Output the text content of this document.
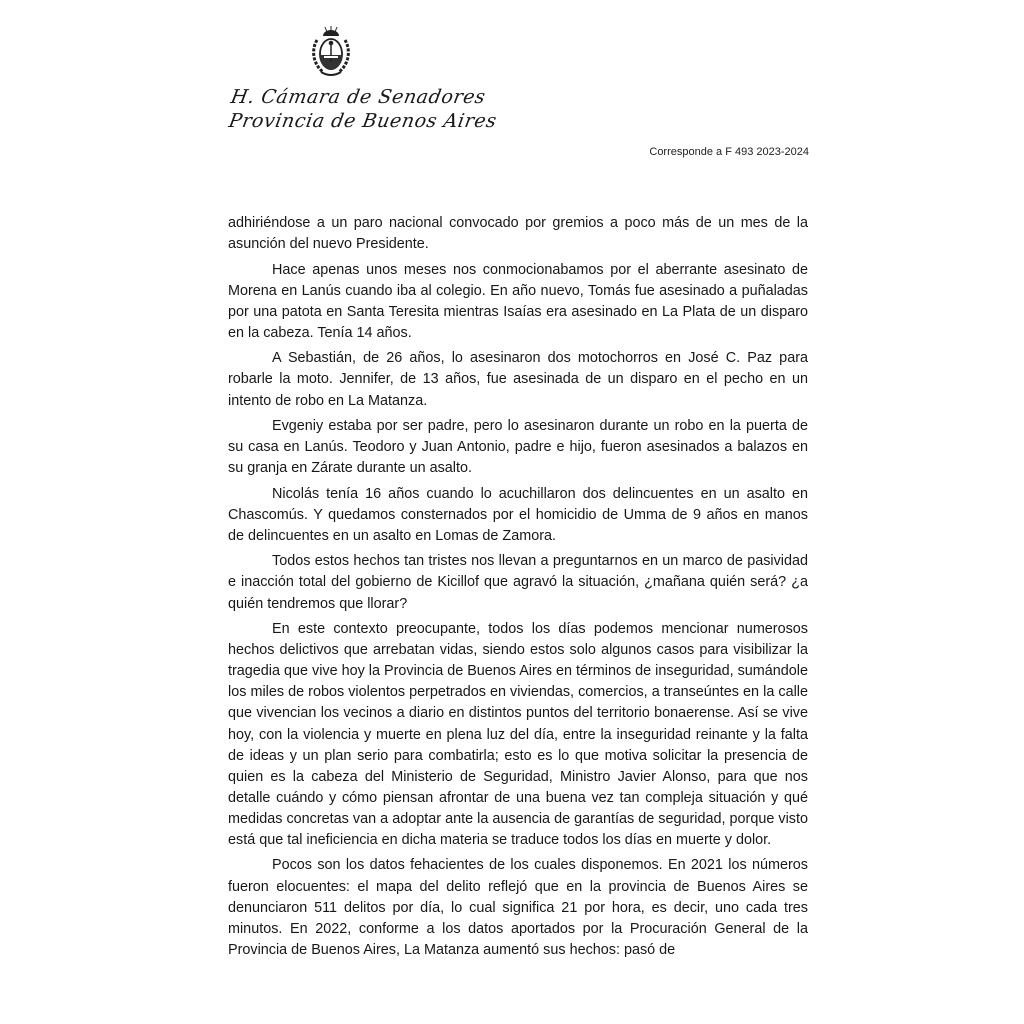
H. Cámara de Senadores
Provincia de Buenos Aires
Corresponde a F 493 2023-2024

adhiriéndose a un paro nacional convocado por gremios a poco más de un mes de la asunción del nuevo Presidente.

Hace apenas unos meses nos conmocionabamos por el aberrante asesinato de Morena en Lanús cuando iba al colegio. En año nuevo, Tomás fue asesinado a puñaladas por una patota en Santa Teresita mientras Isaías era asesinado en La Plata de un disparo en la cabeza. Tenía 14 años.

A Sebastián, de 26 años, lo asesinaron dos motochorros en José C. Paz para robarle la moto. Jennifer, de 13 años, fue asesinada de un disparo en el pecho en un intento de robo en La Matanza.

Evgeniy estaba por ser padre, pero lo asesinaron durante un robo en la puerta de su casa en Lanús. Teodoro y Juan Antonio, padre e hijo, fueron asesinados a balazos en su granja en Zárate durante un asalto.

Nicolás tenía 16 años cuando lo acuchillaron dos delincuentes en un asalto en Chascomús. Y quedamos consternados por el homicidio de Umma de 9 años en manos de delincuentes en un asalto en Lomas de Zamora.

Todos estos hechos tan tristes nos llevan a preguntarnos en un marco de pasividad e inacción total del gobierno de Kicillof que agravó la situación, ¿mañana quién será? ¿a quién tendremos que llorar?

En este contexto preocupante, todos los días podemos mencionar numerosos hechos delictivos que arrebatan vidas, siendo estos solo algunos casos para visibilizar la tragedia que vive hoy la Provincia de Buenos Aires en términos de inseguridad, sumándole los miles de robos violentos perpetrados en viviendas, comercios, a transeúntes en la calle que vivencian los vecinos a diario en distintos puntos del territorio bonaerense. Así se vive hoy, con la violencia y muerte en plena luz del día, entre la inseguridad reinante y la falta de ideas y un plan serio para combatirla; esto es lo que motiva solicitar la presencia de quien es la cabeza del Ministerio de Seguridad, Ministro Javier Alonso, para que nos detalle cuándo y cómo piensan afrontar de una buena vez tan compleja situación y qué medidas concretas van a adoptar ante la ausencia de garantías de seguridad, porque visto está que tal ineficiencia en dicha materia se traduce todos los días en muerte y dolor.

Pocos son los datos fehacientes de los cuales disponemos. En 2021 los números fueron elocuentes: el mapa del delito reflejó que en la provincia de Buenos Aires se denunciaron 511 delitos por día, lo cual significa 21 por hora, es decir, uno cada tres minutos. En 2022, conforme a los datos aportados por la Procuración General de la Provincia de Buenos Aires, La Matanza aumentó sus hechos: pasó de
